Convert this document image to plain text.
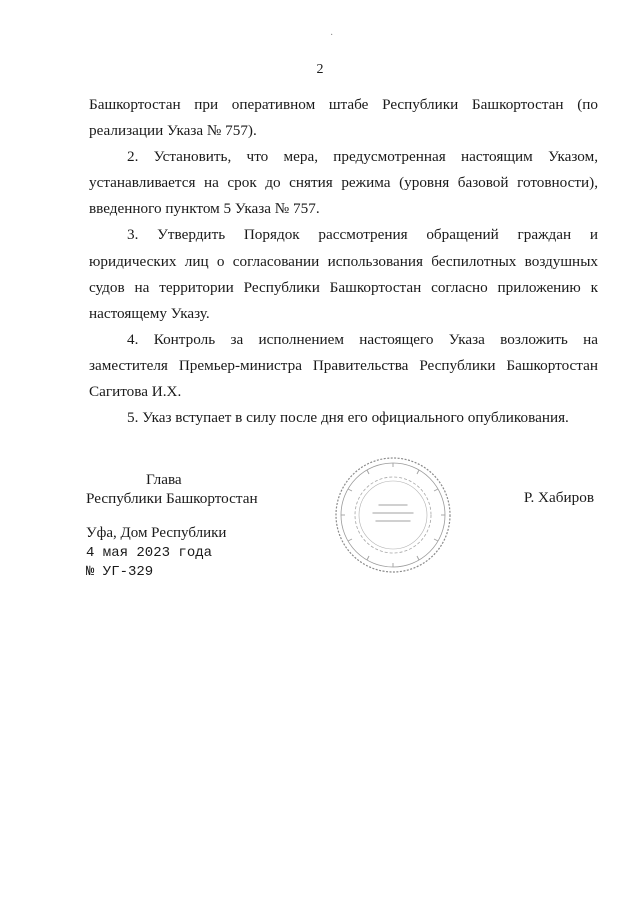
·
2

Башкортостан при оперативном штабе Республики Башкортостан (по реализации Указа № 757).

2. Установить, что мера, предусмотренная настоящим Указом, устанавливается на срок до снятия режима (уровня базовой готовности), введенного пунктом 5 Указа № 757.

3. Утвердить Порядок рассмотрения обращений граждан и юридических лиц о согласовании использования беспилотных воздушных судов на территории Республики Башкортостан согласно приложению к настоящему Указу.

4. Контроль за исполнением настоящего Указа возложить на заместителя Премьер-министра Правительства Республики Башкортостан Сагитова И.Х.

5. Указ вступает в силу после дня его официального опубликования.

Глава
Республики Башкортостан	Р. Хабиров
Уфа, Дом Республики
4 мая 2023 года
№ УГ-329
